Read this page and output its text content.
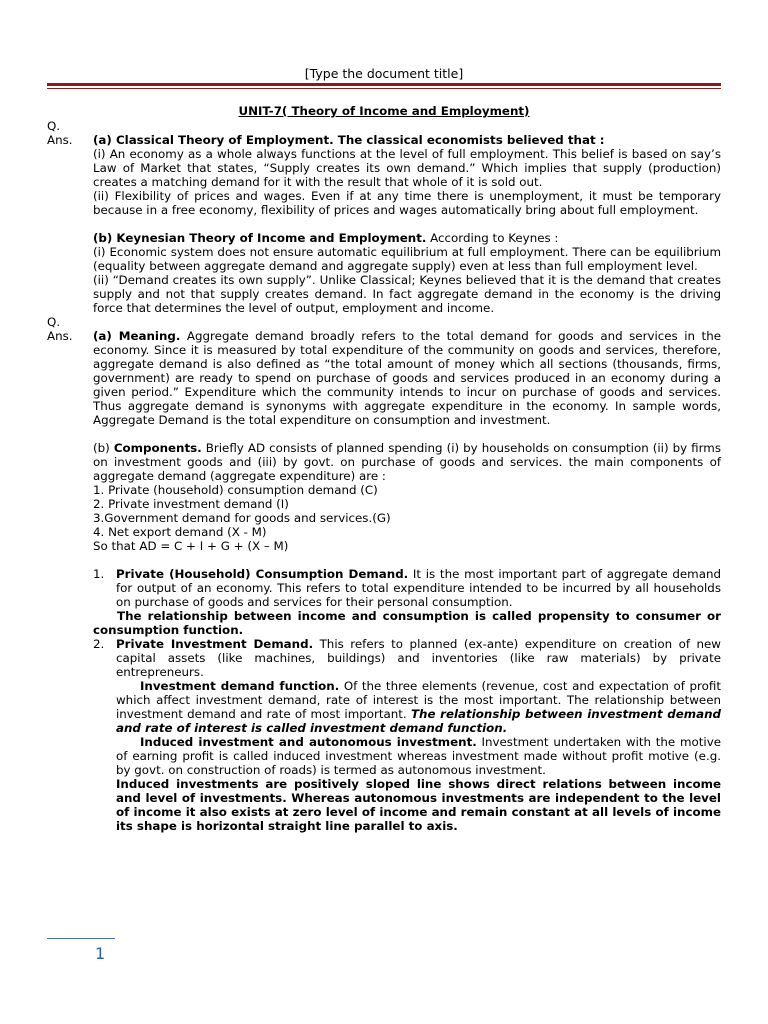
[Type the document title]
UNIT-7( Theory of Income and Employment)
Q.
Ans. (a) Classical Theory of Employment. The classical economists believed that :

(i) An economy as a whole always functions at the level of full employment. This belief is based on say’s Law of Market that states, “Supply creates its own demand.” Which implies that supply (production) creates a matching demand for it with the result that whole of it is sold out.

(ii) Flexibility of prices and wages. Even if at any time there is unemployment, it must be temporary because in a free economy, flexibility of prices and wages automatically bring about full employment.

(b) Keynesian Theory of Income and Employment. According to Keynes :

(i) Economic system does not ensure automatic equilibrium at full employment. There can be equilibrium (equality between aggregate demand and aggregate supply) even at less than full employment level.

(ii) “Demand creates its own supply”. Unlike Classical; Keynes believed that it is the demand that creates supply and not that supply creates demand. In fact aggregate demand in the economy is the driving force that determines the level of output, employment and income.

Q.
Ans. (a) Meaning. Aggregate demand broadly refers to the total demand for goods and services in the economy. Since it is measured by total expenditure of the community on goods and services, therefore, aggregate demand is also defined as “the total amount of money which all sections (thousands, firms, government) are ready to spend on purchase of goods and services produced in an economy during a given period.” Expenditure which the community intends to incur on purchase of goods and services. Thus aggregate demand is synonyms with aggregate expenditure in the economy. In sample words, Aggregate Demand is the total expenditure on consumption and investment.

(b) Components. Briefly AD consists of planned spending (i) by households on consumption (ii) by firms on investment goods and (iii) by govt. on purchase of goods and services. the main components of aggregate demand (aggregate expenditure) are :

1. Private (household) consumption demand (C)
2. Private investment demand (I)
3.Government demand for goods and services.(G)
4. Net export demand (X - M)
So that AD = C + I + G + (X – M)
1. Private (Household) Consumption Demand. It is the most important part of aggregate demand for output of an economy. This refers to total expenditure intended to be incurred by all households on purchase of goods and services for their personal consumption.

The relationship between income and consumption is called propensity to consumer or consumption function.

2. Private Investment Demand. This refers to planned (ex-ante) expenditure on creation of new capital assets (like machines, buildings) and inventories (like raw materials) by private entrepreneurs.

Investment demand function. Of the three elements (revenue, cost and expectation of profit which affect investment demand, rate of interest is the most important. The relationship between investment demand and rate of most important. The relationship between investment demand and rate of interest is called investment demand function.

Induced investment and autonomous investment. Investment undertaken with the motive of earning profit is called induced investment whereas investment made without profit motive (e.g. by govt. on construction of roads) is termed as autonomous investment.

Induced investments are positively sloped line shows direct relations between income and level of investments. Whereas autonomous investments are independent to the level of income it also exists at zero level of income and remain constant at all levels of income its shape is horizontal straight line parallel to axis.

1
